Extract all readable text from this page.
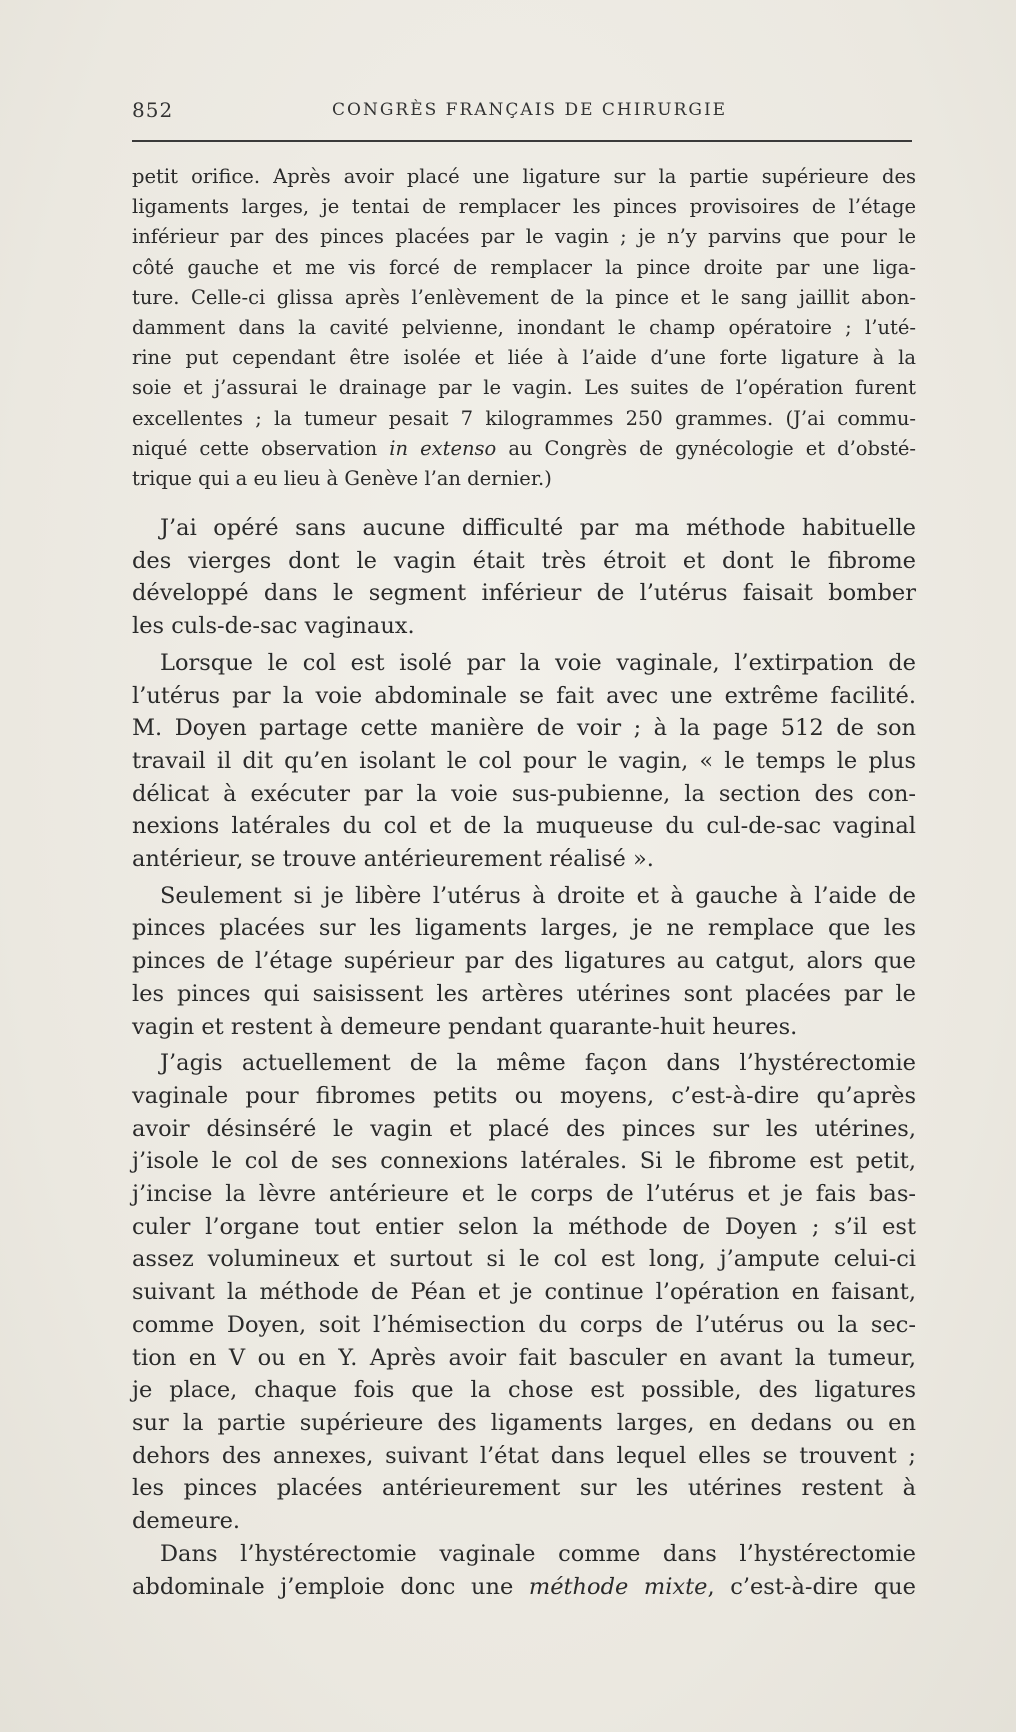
852	CONGRÈS FRANÇAIS DE CHIRURGIE
petit orifice. Après avoir placé une ligature sur la partie supérieure des
ligaments larges, je tentai de remplacer les pinces provisoires de l’étage
inférieur par des pinces placées par le vagin ; je n’y parvins que pour le
côté gauche et me vis forcé de remplacer la pince droite par une liga-
ture. Celle-ci glissa après l’enlèvement de la pince et le sang jaillit abon-
damment dans la cavité pelvienne, inondant le champ opératoire ; l’uté-
rine put cependant être isolée et liée à l’aide d’une forte ligature à la
soie et j’assurai le drainage par le vagin. Les suites de l’opération furent
excellentes ; la tumeur pesait 7 kilogrammes 250 grammes. (J’ai commu-
niqué cette observation in extenso au Congrès de gynécologie et d’obsté-
trique qui a eu lieu à Genève l’an dernier.)

J’ai opéré sans aucune difficulté par ma méthode habituelle
des vierges dont le vagin était très étroit et dont le fibrome
développé dans le segment inférieur de l’utérus faisait bomber
les culs-de-sac vaginaux.

Lorsque le col est isolé par la voie vaginale, l’extirpation de
l’utérus par la voie abdominale se fait avec une extrême facilité.
M. Doyen partage cette manière de voir ; à la page 512 de son
travail il dit qu’en isolant le col pour le vagin, « le temps le plus
délicat à exécuter par la voie sus-pubienne, la section des con-
nexions latérales du col et de la muqueuse du cul-de-sac vaginal
antérieur, se trouve antérieurement réalisé ».

Seulement si je libère l’utérus à droite et à gauche à l’aide de
pinces placées sur les ligaments larges, je ne remplace que les
pinces de l’étage supérieur par des ligatures au catgut, alors que
les pinces qui saisissent les artères utérines sont placées par le
vagin et restent à demeure pendant quarante-huit heures.

J’agis actuellement de la même façon dans l’hystérectomie
vaginale pour fibromes petits ou moyens, c’est-à-dire qu’après
avoir désinséré le vagin et placé des pinces sur les utérines,
j’isole le col de ses connexions latérales. Si le fibrome est petit,
j’incise la lèvre antérieure et le corps de l’utérus et je fais bas-
culer l’organe tout entier selon la méthode de Doyen ; s’il est
assez volumineux et surtout si le col est long, j’ampute celui-ci
suivant la méthode de Péan et je continue l’opération en faisant,
comme Doyen, soit l’hémisection du corps de l’utérus ou la sec-
tion en V ou en Y. Après avoir fait basculer en avant la tumeur,
je place, chaque fois que la chose est possible, des ligatures
sur la partie supérieure des ligaments larges, en dedans ou en
dehors des annexes, suivant l’état dans lequel elles se trouvent ;
les pinces placées antérieurement sur les utérines restent à
demeure.

Dans l’hystérectomie vaginale comme dans l’hystérectomie
abdominale j’emploie donc une méthode mixte, c’est-à-dire que
